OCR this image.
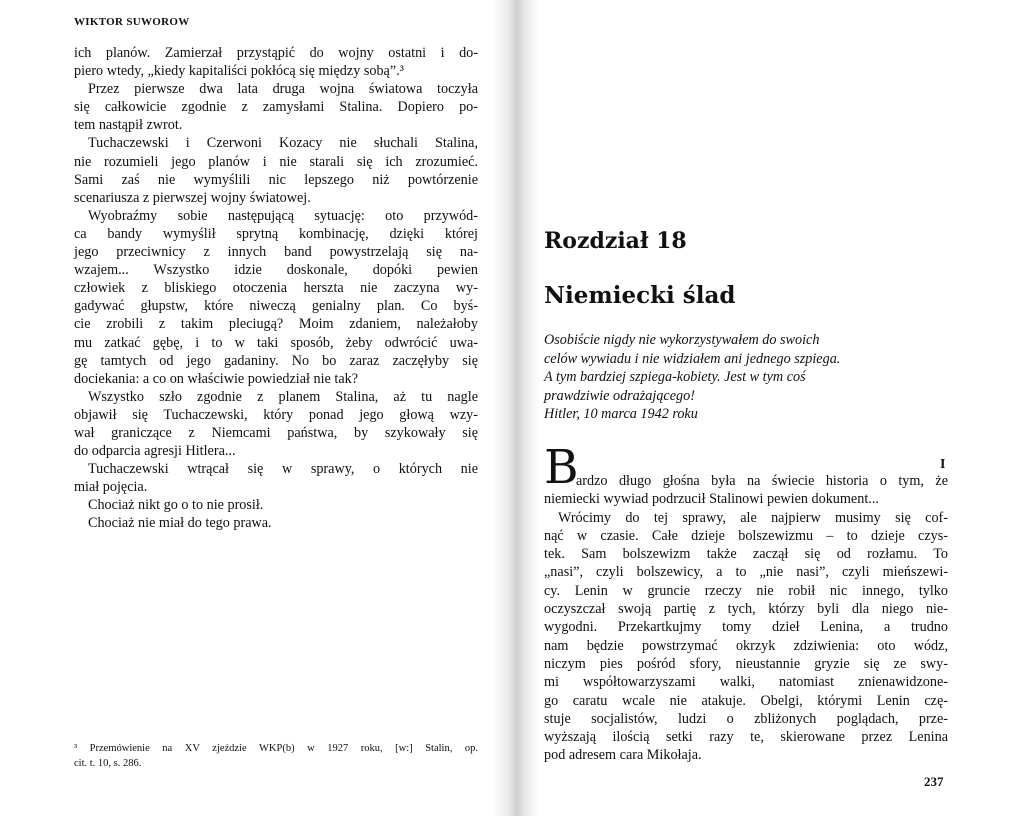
WIKTOR SUWOROW
ich planów. Zamierzał przystąpić do wojny ostatni i do-
piero wtedy, „kiedy kapitaliści pokłócą się między sobą”.³
Przez pierwsze dwa lata druga wojna światowa toczyła
się całkowicie zgodnie z zamysłami Stalina. Dopiero po-
tem nastąpił zwrot.
Tuchaczewski i Czerwoni Kozacy nie słuchali Stalina,
nie rozumieli jego planów i nie starali się ich zrozumieć.
Sami zaś nie wymyślili nic lepszego niż powtórzenie
scenariusza z pierwszej wojny światowej.
Wyobraźmy sobie następującą sytuację: oto przywód-
ca bandy wymyślił sprytną kombinację, dzięki której
jego przeciwnicy z innych band powystrzelają się na-
wzajem... Wszystko idzie doskonale, dopóki pewien
człowiek z bliskiego otoczenia herszta nie zaczyna wy-
gadywać głupstw, które niweczą genialny plan. Co byś-
cie zrobili z takim pleciugą? Moim zdaniem, należałoby
mu zatkać gębę, i to w taki sposób, żeby odwrócić uwa-
gę tamtych od jego gadaniny. No bo zaraz zaczęłyby się
dociekania: a co on właściwie powiedział nie tak?
Wszystko szło zgodnie z planem Stalina, aż tu nagle
objawił się Tuchaczewski, który ponad jego głową wzy-
wał graniczące z Niemcami państwa, by szykowały się
do odparcia agresji Hitlera...
Tuchaczewski wtrącał się w sprawy, o których nie
miał pojęcia.
Chociaż nikt go o to nie prosił.
Chociaż nie miał do tego prawa.
³ Przemówienie na XV zjeździe WKP(b) w 1927 roku, [w:] Stalin, op.
cit. t. 10, s. 286.
Rozdział 18
Niemiecki ślad
Osobiście nigdy nie wykorzystywałem do swoich
celów wywiadu i nie widziałem ani jednego szpiega.
A tym bardziej szpiega-kobiety. Jest w tym coś
prawdziwie odrażającego!
Hitler, 10 marca 1942 roku
I
B
ardzo długo głośna była na świecie historia o tym, że
niemiecki wywiad podrzucił Stalinowi pewien dokument...
Wrócimy do tej sprawy, ale najpierw musimy się cof-
nąć w czasie. Całe dzieje bolszewizmu – to dzieje czys-
tek. Sam bolszewizm także zaczął się od rozłamu. To
„nasi”, czyli bolszewicy, a to „nie nasi”, czyli mieńszewi-
cy. Lenin w gruncie rzeczy nie robił nic innego, tylko
oczyszczał swoją partię z tych, którzy byli dla niego nie-
wygodni. Przekartkujmy tomy dzieł Lenina, a trudno
nam będzie powstrzymać okrzyk zdziwienia: oto wódz,
niczym pies pośród sfory, nieustannie gryzie się ze swy-
mi współtowarzyszami walki, natomiast znienawidzone-
go caratu wcale nie atakuje. Obelgi, którymi Lenin czę-
stuje socjalistów, ludzi o zbliżonych poglądach, prze-
wyższają ilością setki razy te, skierowane przez Lenina
pod adresem cara Mikołaja.
237
